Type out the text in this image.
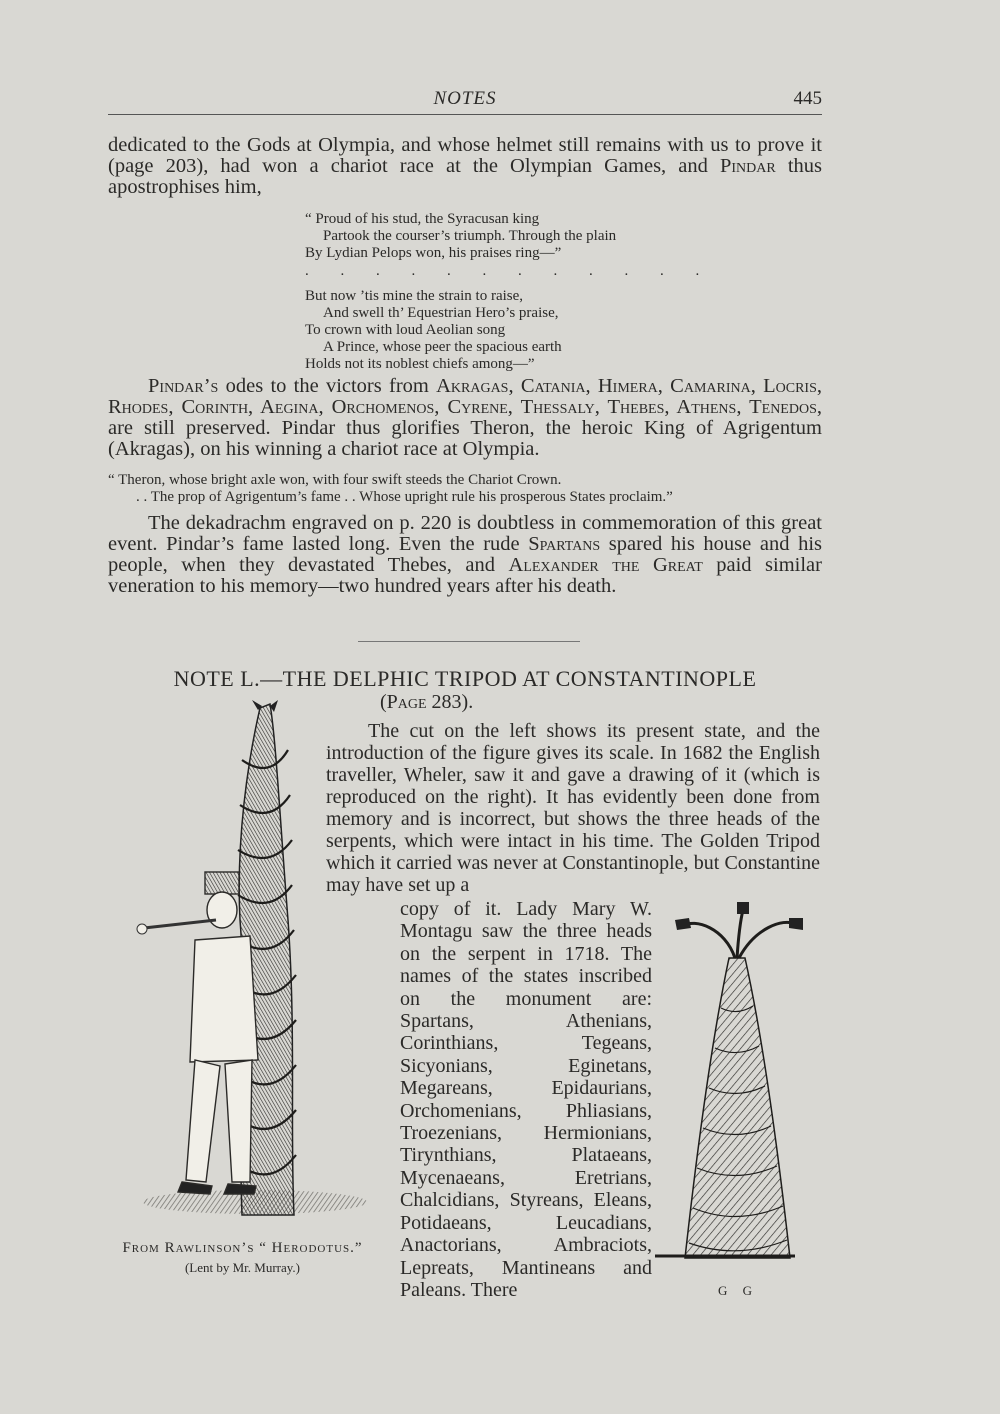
NOTES	445
dedicated to the Gods at Olympia, and whose helmet still remains with us to prove it (page 203), had won a chariot race at the Olympian Games, and Pindar thus apostrophises him,
“ Proud of his stud, the Syracusan king
Partook the courser’s triumph. Through the plain
By Lydian Pelops won, his praises ring—”
. . . . . . . . . . . .
But now ’tis mine the strain to raise,
And swell th’ Equestrian Hero’s praise,
To crown with loud Aeolian song
A Prince, whose peer the spacious earth
Holds not its noblest chiefs among—”
Pindar’s odes to the victors from Akragas, Catania, Himera, Camarina, Locris, Rhodes, Corinth, Aegina, Orchomenos, Cyrene, Thessaly, Thebes, Athens, Tenedos, are still preserved. Pindar thus glorifies Theron, the heroic King of Agrigentum (Akragas), on his winning a chariot race at Olympia.
“ Theron, whose bright axle won, with four swift steeds the Chariot Crown.
. . The prop of Agrigentum’s fame . . Whose upright rule his prosperous States proclaim.”
The dekadrachm engraved on p. 220 is doubtless in commemoration of this great event. Pindar’s fame lasted long. Even the rude Spartans spared his house and his people, when they devastated Thebes, and Alexander the Great paid similar veneration to his memory—two hundred years after his death.
NOTE L.—THE DELPHIC TRIPOD AT CONSTANTINOPLE
(Page 283).

The cut on the left shows its present state, and the introduction of the figure gives its scale. In 1682 the English traveller, Wheler, saw it and gave a drawing of it (which is reproduced on the right). It has evidently been done from memory and is incorrect, but shows the three heads of the serpents, which were intact in his time. The Golden Tripod which it carried was never at Constantinople, but Constantine may have set up a

copy of it. Lady Mary W. Montagu saw the three heads on the serpent in 1718. The names of the states inscribed on the monument are: Spartans, Athenians, Corinthians, Tegeans, Sicyonians, Eginetans, Megareans, Epidaurians, Orchomenians, Phliasians, Troezenians, Hermionians, Tirynthians, Plataeans, Mycenaeans, Eretrians, Chalcidians, Styreans, Eleans, Potidaeans, Leucadians, Anactorians, Ambraciots, Lepreats, Mantineans and Paleans. There
From Rawlinson’s “ Herodotus.”
(Lent by Mr. Murray.)
G G
